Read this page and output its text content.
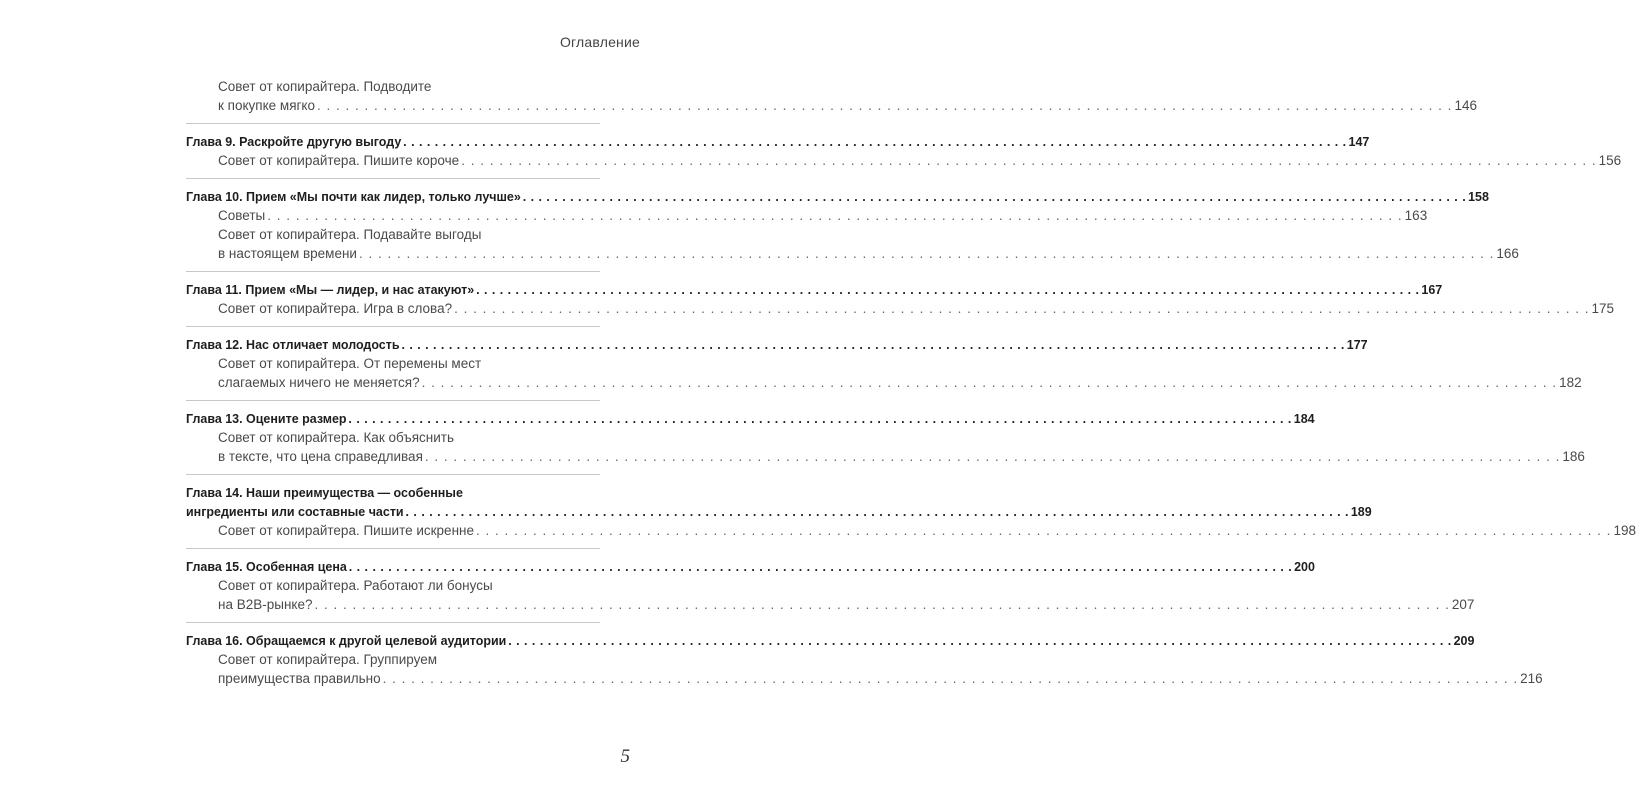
Оглавление
Совет от копирайтера. Подводите
к покупке мягко . . . . . . . . . . . . . . . . . . . . . . . . . . . . . . . . . . . . . . . . . . . . . . . . . . . . . . . . . . . . . . . . . . . . . . . . . . . . . . . . . . . . . . . . . . . . . . . . . . . . . . . . . . . . . . . . . . . . . . . . 146
Глава 9. Раскройте другую выгоду . . . . . . . . . . . . . . . . . . . . . . . . . . . . . . . . . . . . . . . . . . . . . . . . . . . . . . . . . . . . . . . . . . . . . . . . . . . . . . . . . . . . . . . . . . . . . . . . . . . . . . . . . . . . . . . . . . . . . . . . 147
Совет от копирайтера. Пишите короче . . . . . . . . . . . . . . . . . . . . . . . . . . . . . . . . . . . . . . . . . . . . . . . . . . . . . . . . . . . . . . . . . . . . . . . . . . . . . . . . . . . . . . . . . . . . . . . . . . . . . . . . . . . . . . . . . . . . . . . . 156
Глава 10. Прием «Мы почти как лидер, только лучше» . . . . . . . . . . . . . . . . . . . . . . . . . . . . . . . . . . . . . . . . . . . . . . . . . . . . . . . . . . . . . . . . . . . . . . . . . . . . . . . . . . . . . . . . . . . . . . . . . . . . . . . . . . . . . . . . . . . . . . . . 158
Советы . . . . . . . . . . . . . . . . . . . . . . . . . . . . . . . . . . . . . . . . . . . . . . . . . . . . . . . . . . . . . . . . . . . . . . . . . . . . . . . . . . . . . . . . . . . . . . . . . . . . . . . . . . . . . . . . . . . . . . . . 163
Совет от копирайтера. Подавайте выгоды
в настоящем времени . . . . . . . . . . . . . . . . . . . . . . . . . . . . . . . . . . . . . . . . . . . . . . . . . . . . . . . . . . . . . . . . . . . . . . . . . . . . . . . . . . . . . . . . . . . . . . . . . . . . . . . . . . . . . . . . . . . . . . . . 166
Глава 11. Прием «Мы — лидер, и нас атакуют» . . . . . . . . . . . . . . . . . . . . . . . . . . . . . . . . . . . . . . . . . . . . . . . . . . . . . . . . . . . . . . . . . . . . . . . . . . . . . . . . . . . . . . . . . . . . . . . . . . . . . . . . . . . . . . . . . . . . . . . . 167
Совет от копирайтера. Игра в слова? . . . . . . . . . . . . . . . . . . . . . . . . . . . . . . . . . . . . . . . . . . . . . . . . . . . . . . . . . . . . . . . . . . . . . . . . . . . . . . . . . . . . . . . . . . . . . . . . . . . . . . . . . . . . . . . . . . . . . . . . 175
Глава 12. Нас отличает молодость . . . . . . . . . . . . . . . . . . . . . . . . . . . . . . . . . . . . . . . . . . . . . . . . . . . . . . . . . . . . . . . . . . . . . . . . . . . . . . . . . . . . . . . . . . . . . . . . . . . . . . . . . . . . . . . . . . . . . . . . 177
Совет от копирайтера. От перемены мест
слагаемых ничего не меняется? . . . . . . . . . . . . . . . . . . . . . . . . . . . . . . . . . . . . . . . . . . . . . . . . . . . . . . . . . . . . . . . . . . . . . . . . . . . . . . . . . . . . . . . . . . . . . . . . . . . . . . . . . . . . . . . . . . . . . . . . 182
Глава 13. Оцените размер . . . . . . . . . . . . . . . . . . . . . . . . . . . . . . . . . . . . . . . . . . . . . . . . . . . . . . . . . . . . . . . . . . . . . . . . . . . . . . . . . . . . . . . . . . . . . . . . . . . . . . . . . . . . . . . . . . . . . . . . 184
Совет от копирайтера. Как объяснить
в тексте, что цена справедливая . . . . . . . . . . . . . . . . . . . . . . . . . . . . . . . . . . . . . . . . . . . . . . . . . . . . . . . . . . . . . . . . . . . . . . . . . . . . . . . . . . . . . . . . . . . . . . . . . . . . . . . . . . . . . . . . . . . . . . . . 186
Глава 14. Наши преимущества — особенные
ингредиенты или составные части . . . . . . . . . . . . . . . . . . . . . . . . . . . . . . . . . . . . . . . . . . . . . . . . . . . . . . . . . . . . . . . . . . . . . . . . . . . . . . . . . . . . . . . . . . . . . . . . . . . . . . . . . . . . . . . . . . . . . . . . 189
Совет от копирайтера. Пишите искренне . . . . . . . . . . . . . . . . . . . . . . . . . . . . . . . . . . . . . . . . . . . . . . . . . . . . . . . . . . . . . . . . . . . . . . . . . . . . . . . . . . . . . . . . . . . . . . . . . . . . . . . . . . . . . . . . . . . . . . . . 198
Глава 15. Особенная цена . . . . . . . . . . . . . . . . . . . . . . . . . . . . . . . . . . . . . . . . . . . . . . . . . . . . . . . . . . . . . . . . . . . . . . . . . . . . . . . . . . . . . . . . . . . . . . . . . . . . . . . . . . . . . . . . . . . . . . . . 200
Совет от копирайтера. Работают ли бонусы
на B2B-рынке? . . . . . . . . . . . . . . . . . . . . . . . . . . . . . . . . . . . . . . . . . . . . . . . . . . . . . . . . . . . . . . . . . . . . . . . . . . . . . . . . . . . . . . . . . . . . . . . . . . . . . . . . . . . . . . . . . . . . . . . . 207
Глава 16. Обращаемся к другой целевой аудитории . . . . . . . . . . . . . . . . . . . . . . . . . . . . . . . . . . . . . . . . . . . . . . . . . . . . . . . . . . . . . . . . . . . . . . . . . . . . . . . . . . . . . . . . . . . . . . . . . . . . . . . . . . . . . . . . . . . . . . . . 209
Совет от копирайтера. Группируем
преимущества правильно . . . . . . . . . . . . . . . . . . . . . . . . . . . . . . . . . . . . . . . . . . . . . . . . . . . . . . . . . . . . . . . . . . . . . . . . . . . . . . . . . . . . . . . . . . . . . . . . . . . . . . . . . . . . . . . . . . . . . . . . 216
5
